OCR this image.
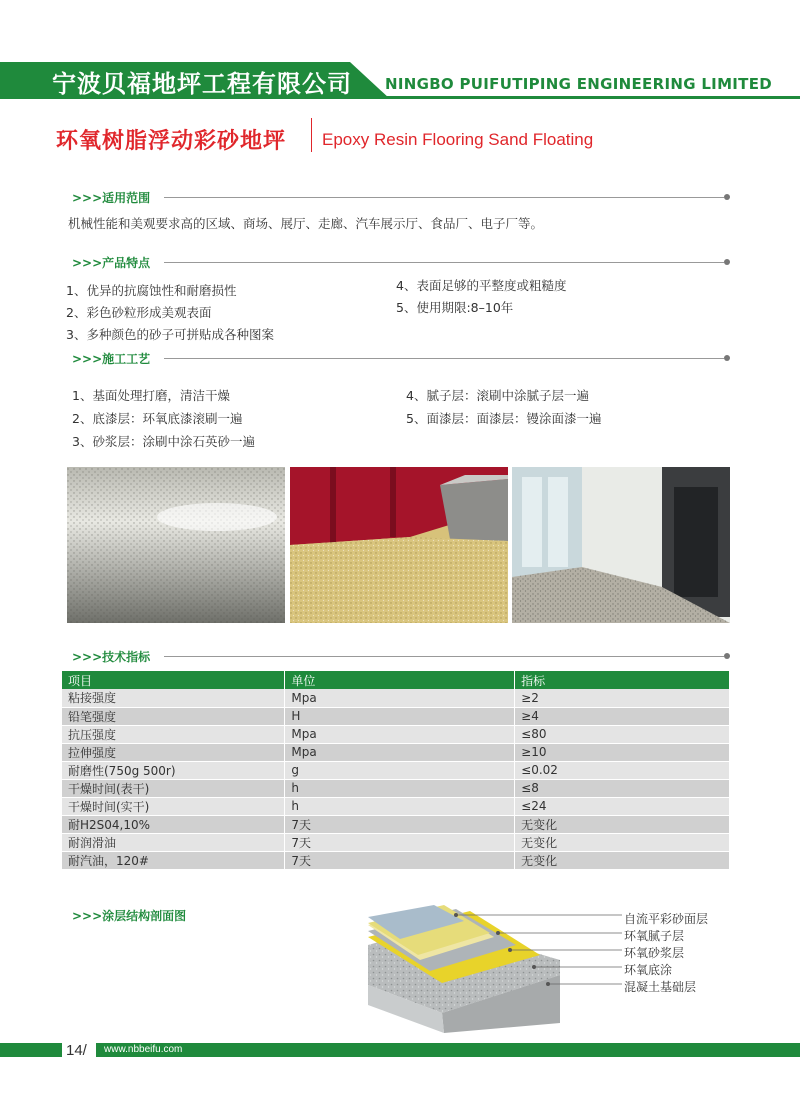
宁波贝福地坪工程有限公司 NINGBO PUIFUTIPING ENGINEERING LIMITED
环氧树脂浮动彩砂地坪 Epoxy Resin Flooring Sand Floating
>>>适用范围
机械性能和美观要求高的区域、商场、展厅、走廊、汽车展示厅、食品厂、电子厂等。
>>>产品特点
1、优异的抗腐蚀性和耐磨损性
2、彩色砂粒形成美观表面
3、多种颜色的砂子可拼贴成各种图案
4、表面足够的平整度或粗糙度
5、使用期限:8–10年
>>>施工工艺
1、基面处理打磨，清洁干燥
2、底漆层：环氧底漆滚刷一遍
3、砂浆层：涂刷中涂石英砂一遍
4、腻子层：滚刷中涂腻子层一遍
5、面漆层：面漆层：镘涂面漆一遍
>>>技术指标
项目	单位	指标
粘接强度	Mpa	≥2
铅笔强度	H	≥4
抗压强度	Mpa	≤80
拉伸强度	Mpa	≥10
耐磨性(750g 500r)	g	≤0.02
干燥时间(表干)	h	≤8
干燥时间(实干)	h	≤24
耐H2S04,10%	7天	无变化
耐润滑油	7天	无变化
耐汽油，120#	7天	无变化
>>>涂层结构剖面图	自流平彩砂面层
环氧腻子层
环氧砂浆层
环氧底涂
混凝土基础层
14/ www.nbbeifu.com
